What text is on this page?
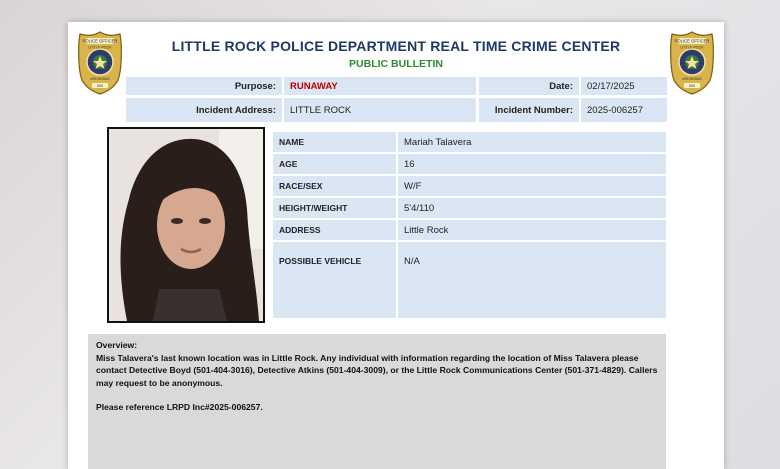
POLICE OFFICER
LITTLE ROCK
ARKANSAS
000
POLICE OFFICER
LITTLE ROCK
ARKANSAS
000
LITTLE ROCK POLICE DEPARTMENT REAL TIME CRIME CENTER
PUBLIC BULLETIN
Purpose:	RUNAWAY	Date:	02/17/2025
Incident Address:	LITTLE ROCK	Incident Number:	2025-006257
NAME	Mariah Talavera
AGE	16
RACE/SEX	W/F
HEIGHT/WEIGHT	5'4/110
ADDRESS	Little Rock
POSSIBLE VEHICLE	N/A

Overview:

Miss Talavera's last known location was in Little Rock. Any individual with information regarding the location of Miss Talavera please contact Detective Boyd (501-404-3016), Detective Atkins (501-404-3009), or the Little Rock Communications Center (501-371-4829). Callers may request to be anonymous.

Please reference LRPD Inc#2025-006257.
